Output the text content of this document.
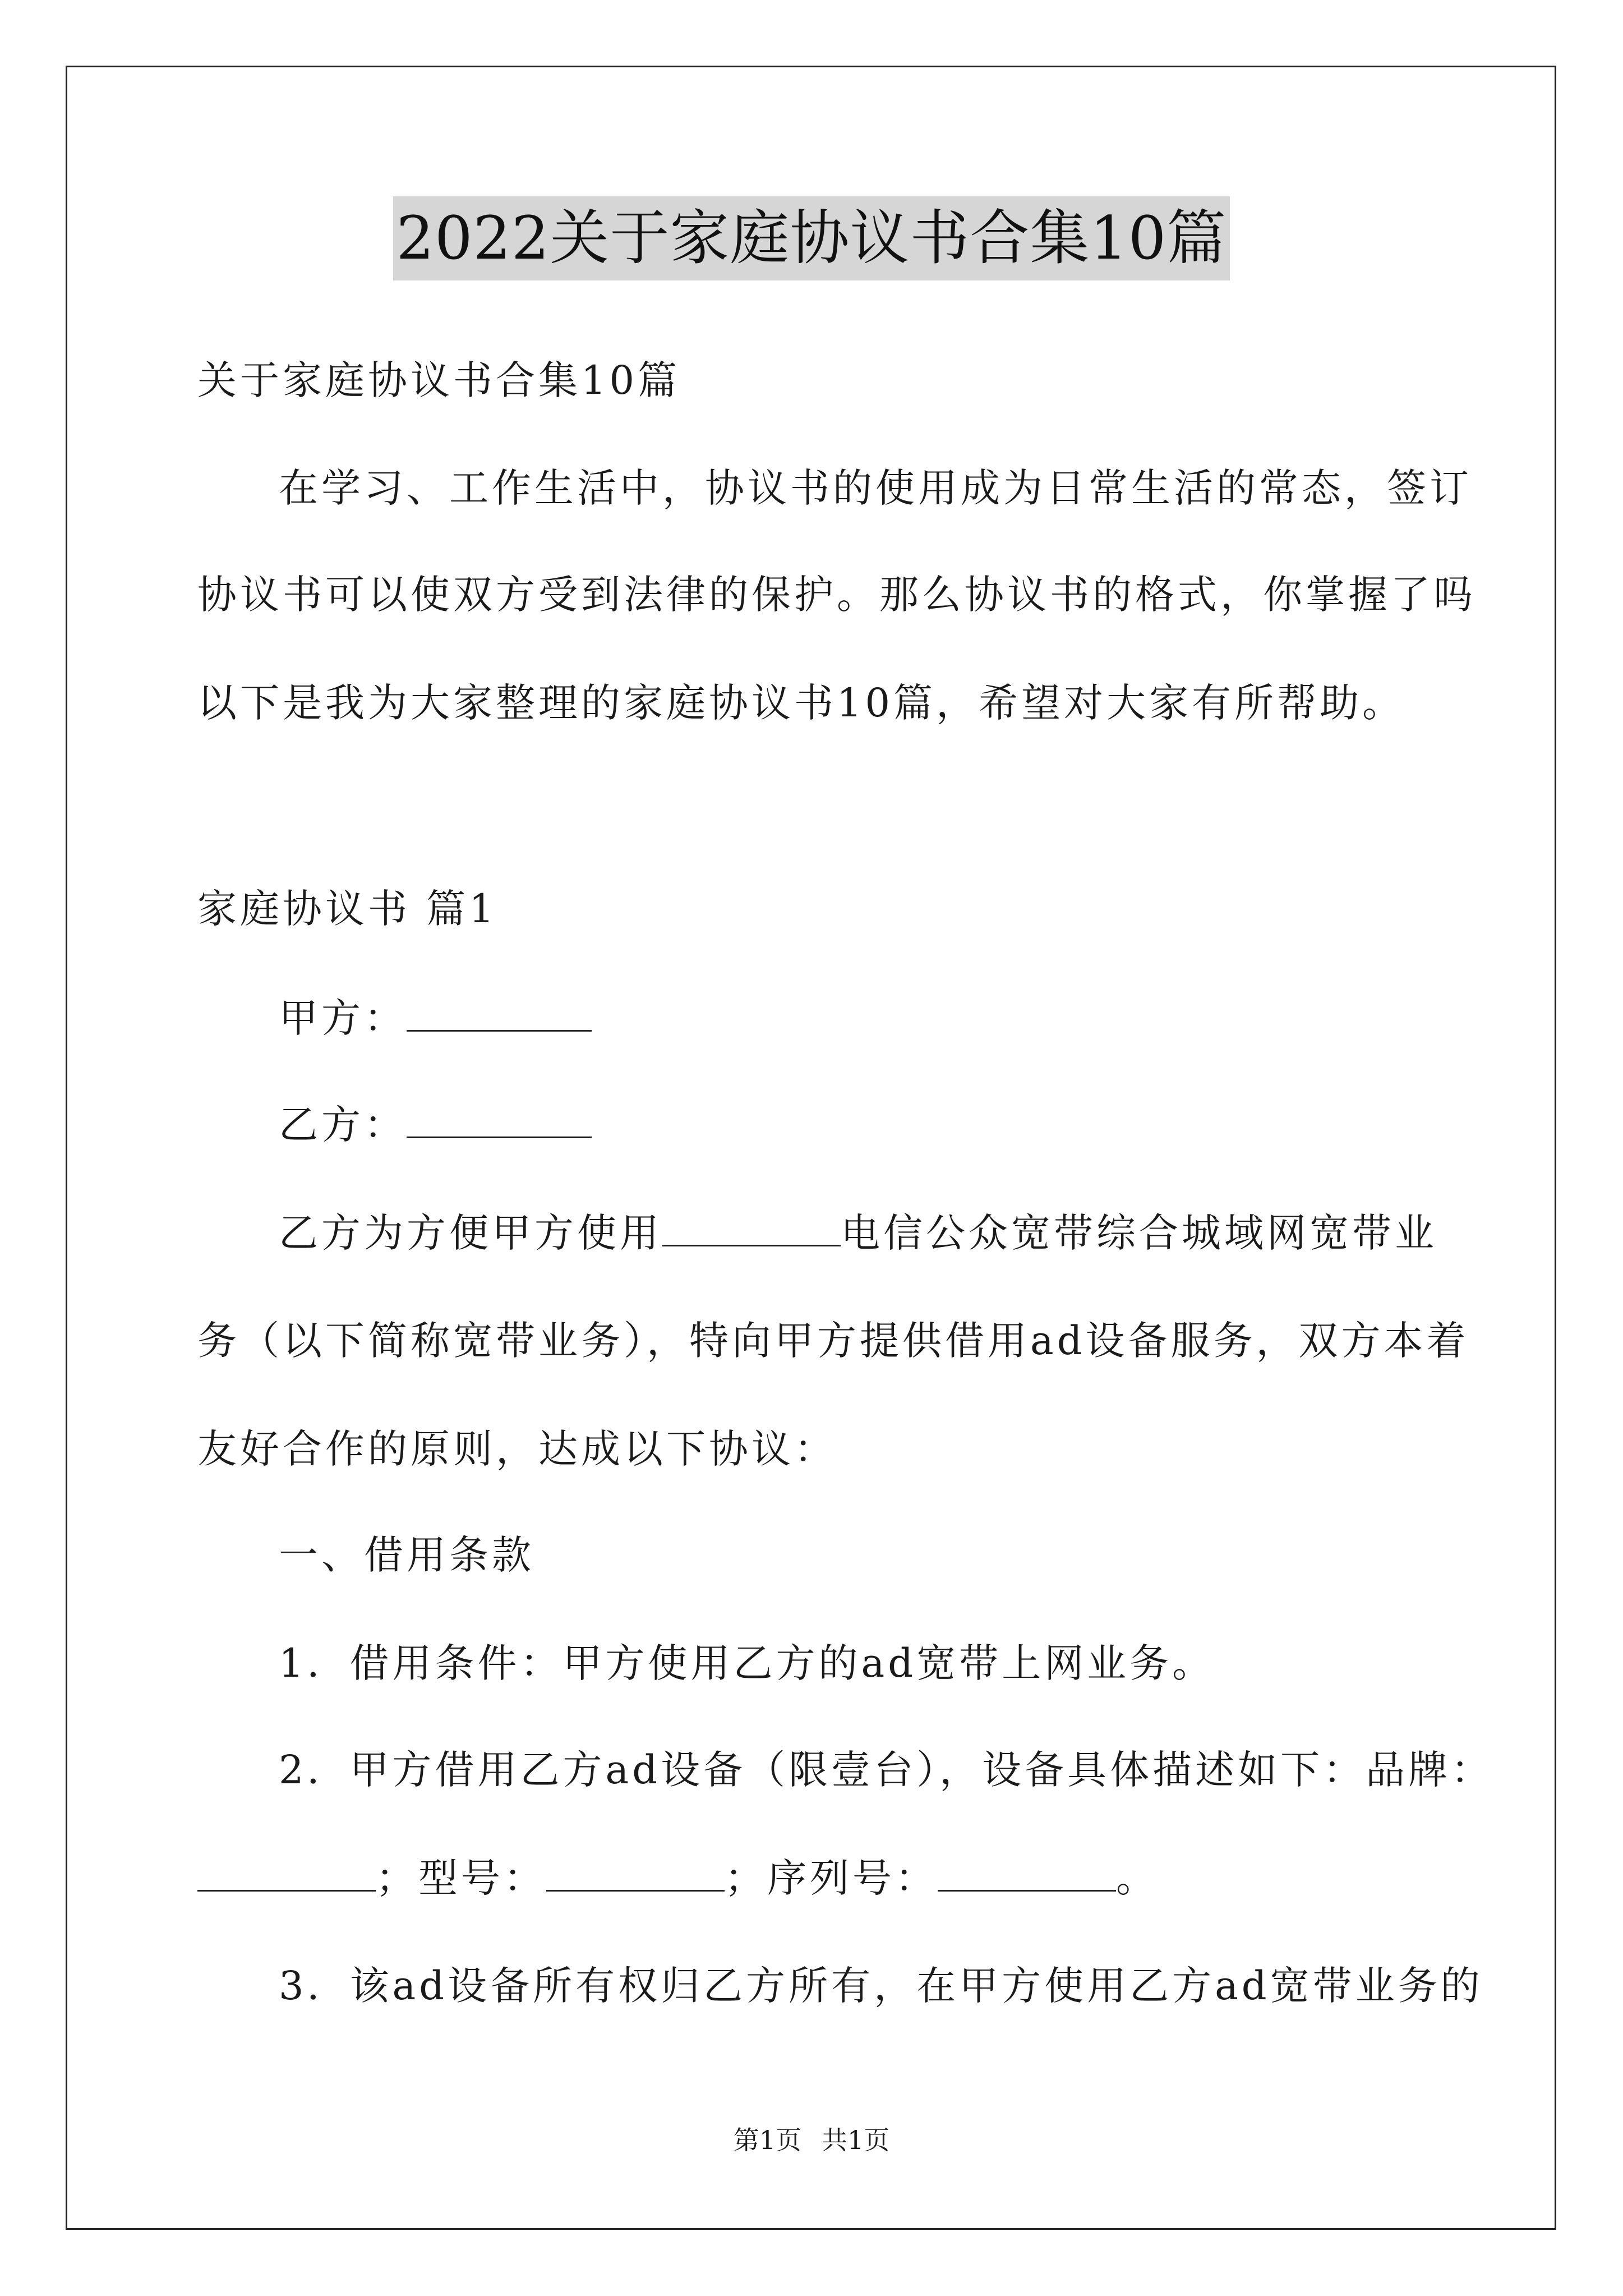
2022关于家庭协议书合集10篇
关于家庭协议书合集10篇
在学习、工作生活中，协议书的使用成为日常生活的常态，签订
协议书可以使双方受到法律的保护。那么协议书的格式，你掌握了吗
以下是我为大家整理的家庭协议书10篇，希望对大家有所帮助。
家庭协议书 篇1
甲方：
乙方：
乙方为方便甲方使用	电信公众宽带综合城域网宽带业
务（以下简称宽带业务），特向甲方提供借用ad设备服务，双方本着
友好合作的原则，达成以下协议：
一、借用条款
1．借用条件：甲方使用乙方的ad宽带上网业务。
2．甲方借用乙方ad设备（限壹台），设备具体描述如下：品牌：
；型号：	；序列号：	。
3．该ad设备所有权归乙方所有，在甲方使用乙方ad宽带业务的
第1页 共1页
